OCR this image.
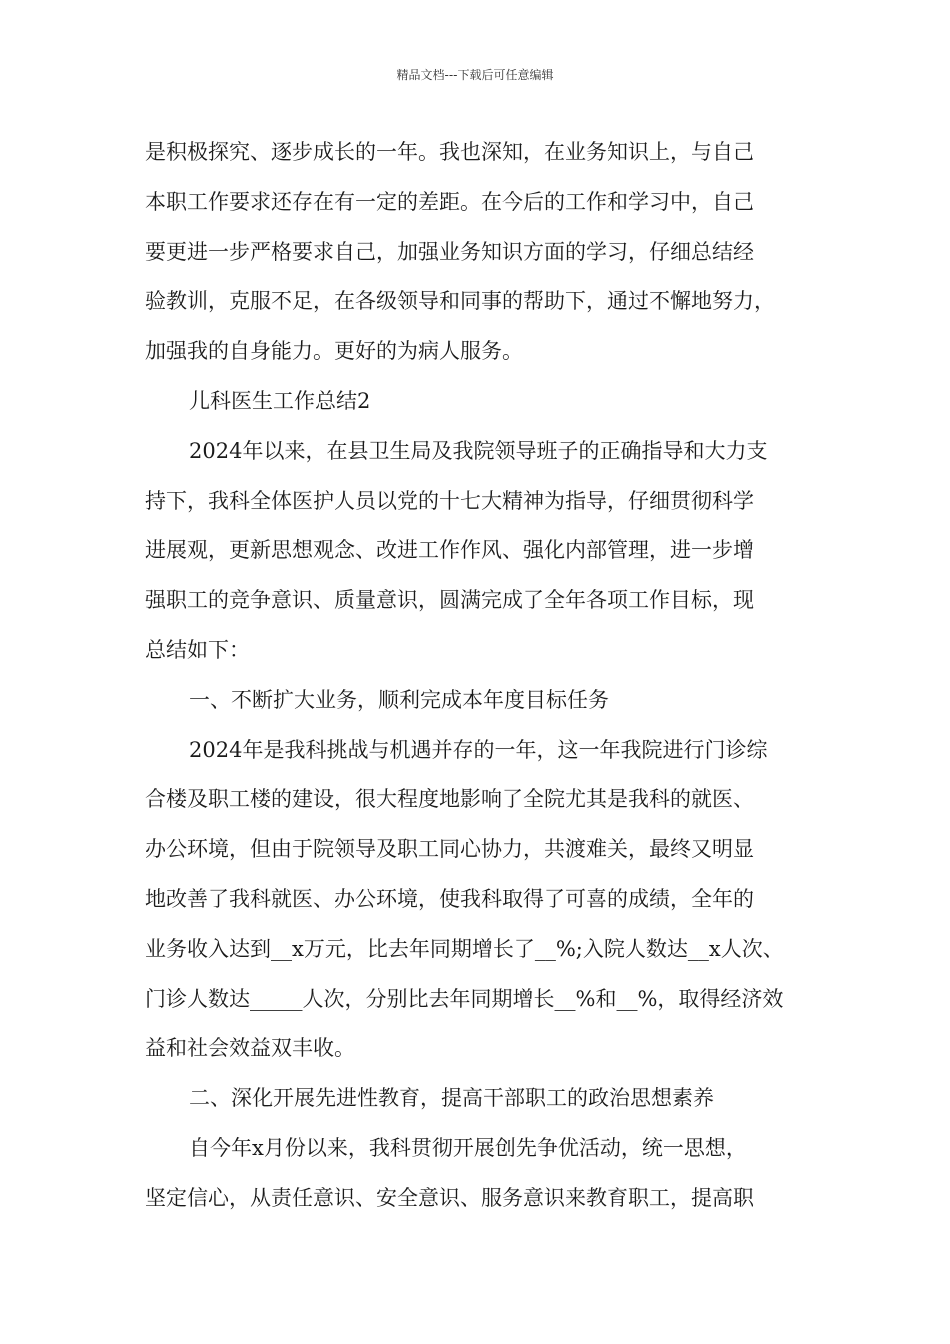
精品文档---下载后可任意编辑
是积极探究、逐步成长的一年。我也深知，在业务知识上，与自己
本职工作要求还存在有一定的差距。在今后的工作和学习中，自己
要更进一步严格要求自己，加强业务知识方面的学习，仔细总结经
验教训，克服不足，在各级领导和同事的帮助下，通过不懈地努力，
加强我的自身能力。更好的为病人服务。
儿科医生工作总结2
2024年以来，在县卫生局及我院领导班子的正确指导和大力支
持下，我科全体医护人员以党的十七大精神为指导，仔细贯彻科学
进展观，更新思想观念、改进工作作风、强化内部管理，进一步增
强职工的竞争意识、质量意识，圆满完成了全年各项工作目标，现
总结如下：
一、不断扩大业务，顺利完成本年度目标任务
2024年是我科挑战与机遇并存的一年，这一年我院进行门诊综
合楼及职工楼的建设，很大程度地影响了全院尤其是我科的就医、
办公环境，但由于院领导及职工同心协力，共渡难关，最终又明显
地改善了我科就医、办公环境，使我科取得了可喜的成绩，全年的
业务收入达到__x万元，比去年同期增长了__%;入院人数达__x人次、
门诊人数达_____人次，分别比去年同期增长__%和__%，取得经济效
益和社会效益双丰收。
二、深化开展先进性教育，提高干部职工的政治思想素养
自今年x月份以来，我科贯彻开展创先争优活动，统一思想，
坚定信心，从责任意识、安全意识、服务意识来教育职工，提高职
